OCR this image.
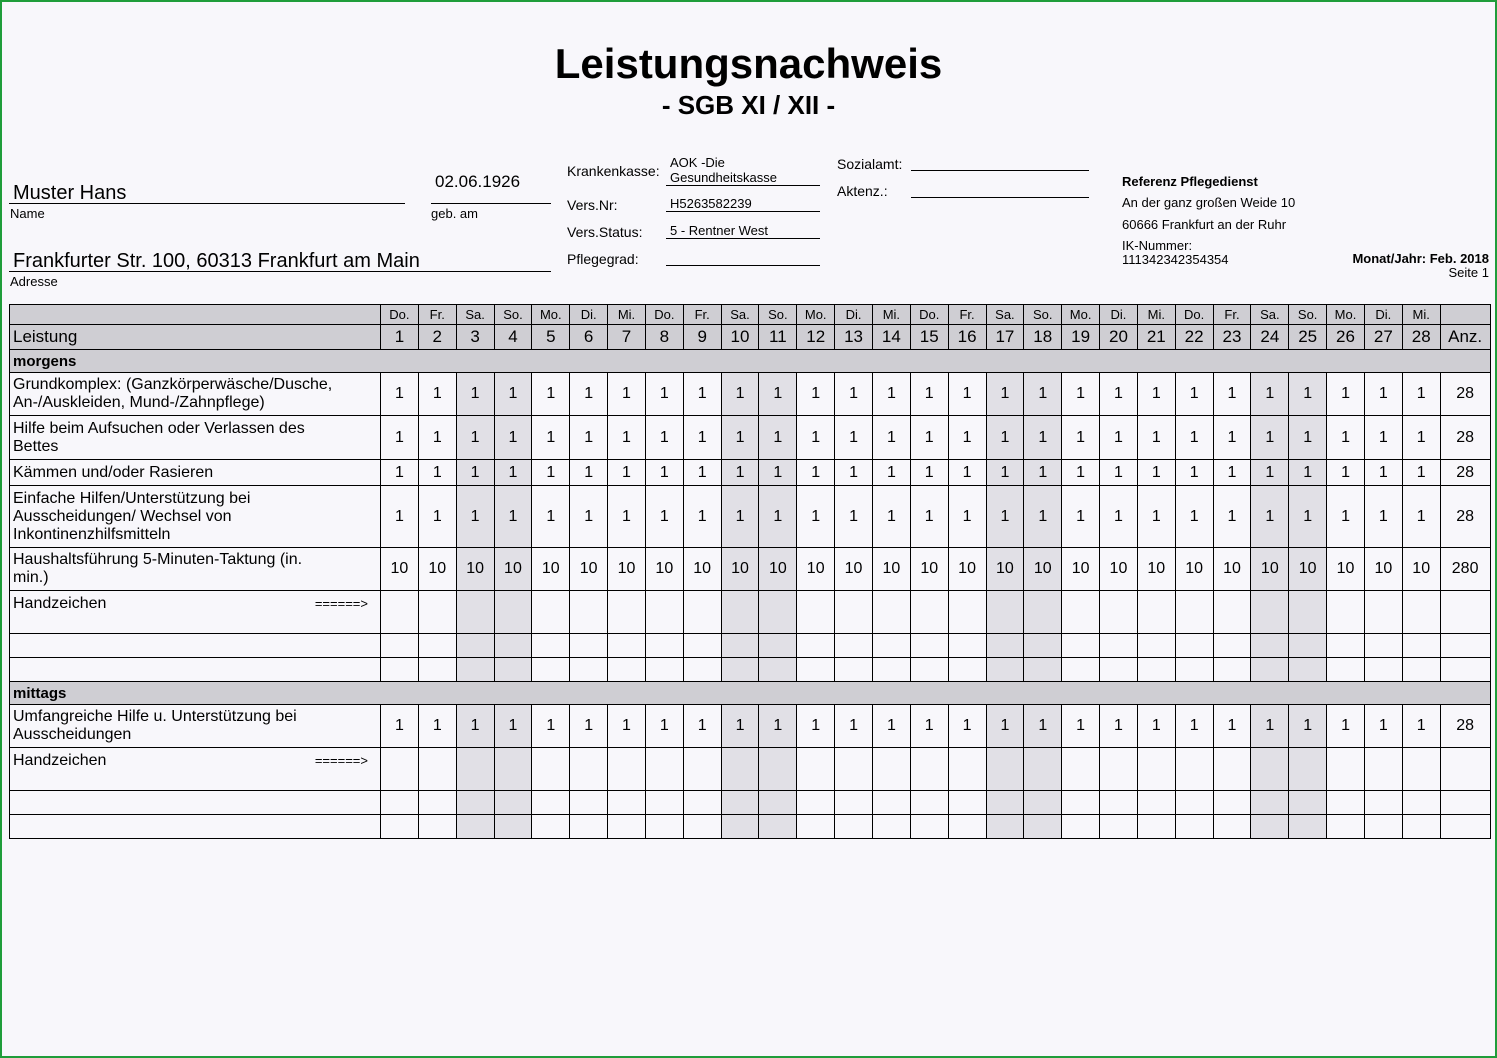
Leistungsnachweis
- SGB XI / XII -
Muster Hans
Name
02.06.1926
geb. am
Frankfurter Str. 100, 60313 Frankfurt am Main
Adresse
Krankenkasse:
AOK -Die
Gesundheitskasse
Vers.Nr:	H5263582239
Vers.Status: 5 - Rentner West
Pflegegrad:
Sozialamt:
Aktenz.:
Referenz Pflegedienst
An der ganz großen Weide 10
60666 Frankfurt an der Ruhr
IK-Nummer:
111342342354354	Monat/Jahr: Feb. 2018
Seite 1
	Do.	Fr.	Sa.	So.	Mo.	Di.	Mi.	Do.	Fr.	Sa.	So.	Mo.	Di.	Mi.	Do.	Fr.	Sa.	So.	Mo.	Di.	Mi.	Do.	Fr.	Sa.	So.	Mo.	Di.	Mi.	
Leistung	1	2	3	4	5	6	7	8	9	10	11	12	13	14	15	16	17	18	19	20	21	22	23	24	25	26	27	28	Anz.
morgens																													

Grundkomplex: (Ganzkörperwäsche/Dusche,
An-/Auskleiden, Mund-/Zahnpflege)	1	1	1	1	1	1	1	1	1	1	1	1	1	1	1	1	1	1	1	1	1	1	1	1	1	1	1	1	28

Hilfe beim Aufsuchen oder Verlassen des
Bettes	1	1	1	1	1	1	1	1	1	1	1	1	1	1	1	1	1	1	1	1	1	1	1	1	1	1	1	1	28

Kämmen und/oder Rasieren	1	1	1	1	1	1	1	1	1	1	1	1	1	1	1	1	1	1	1	1	1	1	1	1	1	1	1	1	28

Einfache Hilfen/Unterstützung bei
Ausscheidungen/ Wechsel von
Inkontinenzhilfsmitteln	1	1	1	1	1	1	1	1	1	1	1	1	1	1	1	1	1	1	1	1	1	1	1	1	1	1	1	1	28

Haushaltsführung 5-Minuten-Taktung (in.
min.)	10	10	10	10	10	10	10	10	10	10	10	10	10	10	10	10	10	10	10	10	10	10	10	10	10	10	10	10	280

Handzeichen ======>																													

mittags																													

Umfangreiche Hilfe u. Unterstützung bei
Ausscheidungen	1	1	1	1	1	1	1	1	1	1	1	1	1	1	1	1	1	1	1	1	1	1	1	1	1	1	1	1	28

Handzeichen ======>																													
